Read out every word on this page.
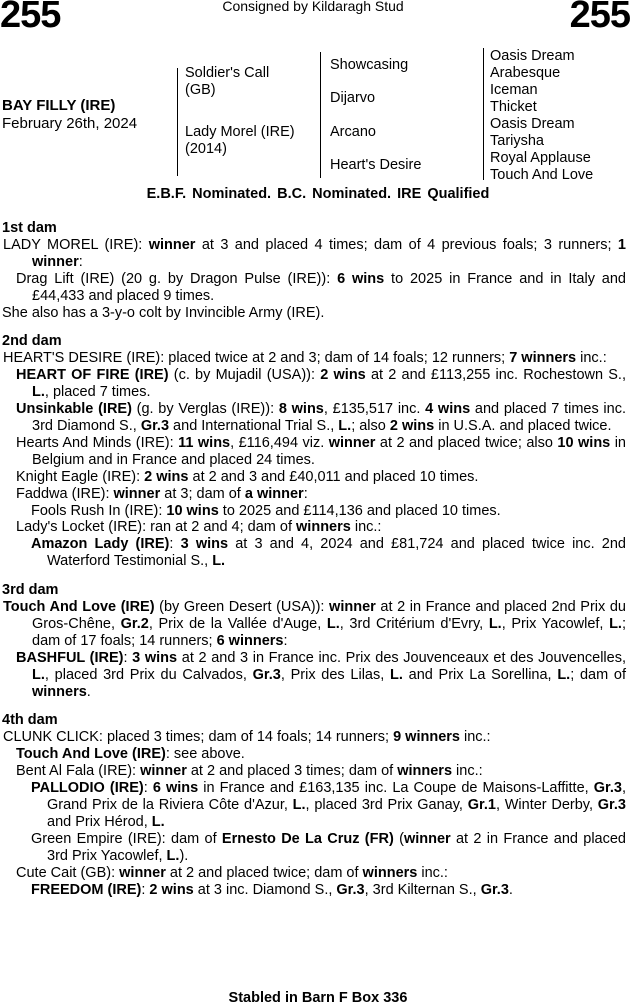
255	Consigned by Kildaragh Stud	255
BAY FILLY (IRE)
February 26th, 2024
Soldier's Call
(GB)
Lady Morel (IRE)
(2014)
Showcasing
Dijarvo
Arcano
Heart's Desire
Oasis Dream
Arabesque
Iceman
Thicket
Oasis Dream
Tariysha
Royal Applause
Touch And Love
E.B.F. Nominated. B.C. Nominated. IRE Qualified
1st dam
LADY MOREL (IRE): winner at 3 and placed 4 times; dam of 4 previous foals; 3 runners; 1 winner:
Drag Lift (IRE) (20 g. by Dragon Pulse (IRE)): 6 wins to 2025 in France and in Italy and £44,433 and placed 9 times.
She also has a 3-y-o colt by Invincible Army (IRE).
2nd dam
HEART'S DESIRE (IRE): placed twice at 2 and 3; dam of 14 foals; 12 runners; 7 winners inc.:
HEART OF FIRE (IRE) (c. by Mujadil (USA)): 2 wins at 2 and £113,255 inc. Rochestown S., L., placed 7 times.
Unsinkable (IRE) (g. by Verglas (IRE)): 8 wins, £135,517 inc. 4 wins and placed 7 times inc. 3rd Diamond S., Gr.3 and International Trial S., L.; also 2 wins in U.S.A. and placed twice.
Hearts And Minds (IRE): 11 wins, £116,494 viz. winner at 2 and placed twice; also 10 wins in Belgium and in France and placed 24 times.
Knight Eagle (IRE): 2 wins at 2 and 3 and £40,011 and placed 10 times.
Faddwa (IRE): winner at 3; dam of a winner:
Fools Rush In (IRE): 10 wins to 2025 and £114,136 and placed 10 times.
Lady's Locket (IRE): ran at 2 and 4; dam of winners inc.:
Amazon Lady (IRE): 3 wins at 3 and 4, 2024 and £81,724 and placed twice inc. 2nd Waterford Testimonial S., L.
3rd dam
Touch And Love (IRE) (by Green Desert (USA)): winner at 2 in France and placed 2nd Prix du Gros-Chêne, Gr.2, Prix de la Vallée d'Auge, L., 3rd Critérium d'Evry, L., Prix Yacowlef, L.; dam of 17 foals; 14 runners; 6 winners:
BASHFUL (IRE): 3 wins at 2 and 3 in France inc. Prix des Jouvenceaux et des Jouvencelles, L., placed 3rd Prix du Calvados, Gr.3, Prix des Lilas, L. and Prix La Sorellina, L.; dam of winners.
4th dam
CLUNK CLICK: placed 3 times; dam of 14 foals; 14 runners; 9 winners inc.:
Touch And Love (IRE): see above.
Bent Al Fala (IRE): winner at 2 and placed 3 times; dam of winners inc.:
PALLODIO (IRE): 6 wins in France and £163,135 inc. La Coupe de Maisons-Laffitte, Gr.3, Grand Prix de la Riviera Côte d'Azur, L., placed 3rd Prix Ganay, Gr.1, Winter Derby, Gr.3 and Prix Hérod, L.
Green Empire (IRE): dam of Ernesto De La Cruz (FR) (winner at 2 in France and placed 3rd Prix Yacowlef, L.).
Cute Cait (GB): winner at 2 and placed twice; dam of winners inc.:
FREEDOM (IRE): 2 wins at 3 inc. Diamond S., Gr.3, 3rd Kilternan S., Gr.3.
Stabled in Barn F Box 336
